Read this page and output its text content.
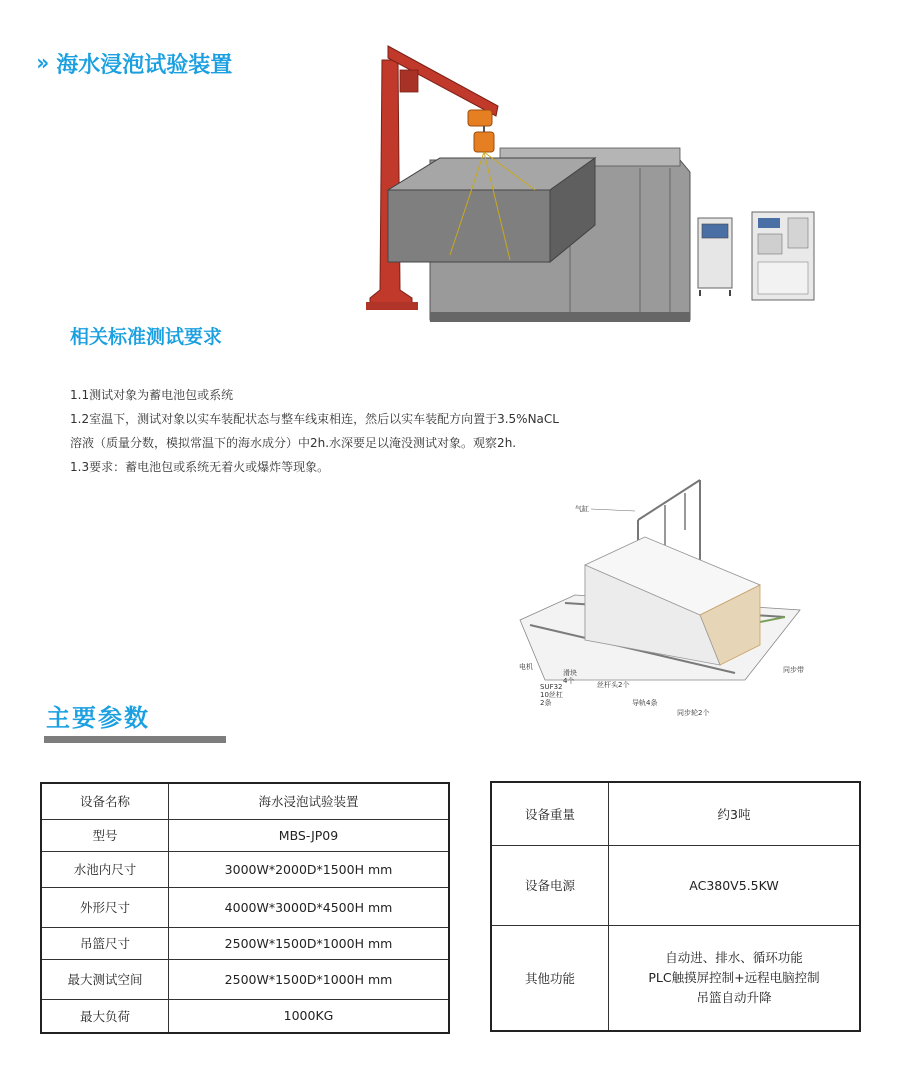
» 海水浸泡试验装置
相关标准测试要求
1.1测试对象为蓄电池包或系统
1.2室温下，测试对象以实车装配状态与整车线束相连，然后以实车装配方向置于3.5%NaCL
溶液（质量分数，模拟常温下的海水成分）中2h.水深要足以淹没测试对象。观察2h.
1.3要求：蓄电池包或系统无着火或爆炸等现象。
气缸
电机
滑块
4个	丝杆头2个
同步带
SUF32
10丝杠
2条	导轨4条
同步轮2个
主要参数
设备名称	海水浸泡试验装置
型号	MBS-JP09
水池内尺寸	3000W*2000D*1500H mm
外形尺寸	4000W*3000D*4500H mm
吊篮尺寸	2500W*1500D*1000H mm
最大测试空间	2500W*1500D*1000H mm
最大负荷	1000KG
设备重量	约3吨
设备电源	AC380V5.5KW
其他功能	自动进、排水、循环功能
PLC触摸屏控制+远程电脑控制
吊篮自动升降
